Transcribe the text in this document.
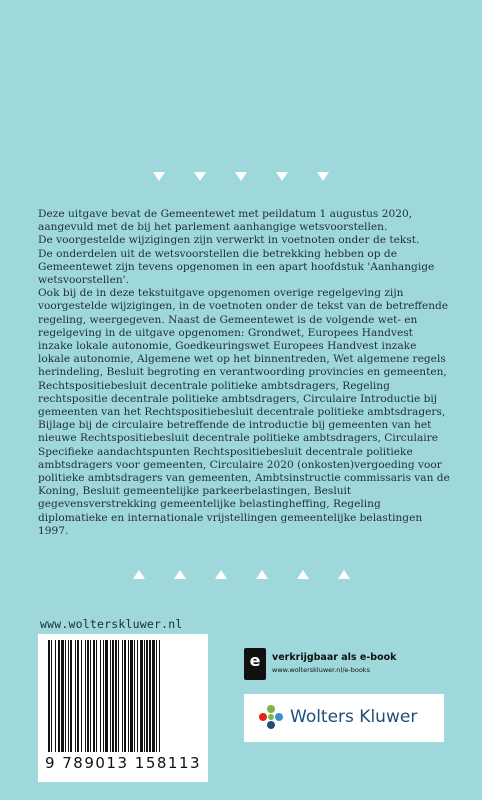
Deze uitgave bevat de Gemeentewet met peildatum 1 augustus 2020, aangevuld met de bij het parlement aanhangige wetsvoorstellen.

De voorgestelde wijzigingen zijn verwerkt in voetnoten onder de tekst.

De onderdelen uit de wetsvoorstellen die betrekking hebben op de Gemeentewet zijn tevens opgenomen in een apart hoofdstuk 'Aanhangige wetsvoorstellen'.

Ook bij de in deze tekstuitgave opgenomen overige regelgeving zijn voorgestelde wijzigingen, in de voetnoten onder de tekst van de betreffende regeling, weergegeven. Naast de Gemeentewet is de volgende wet- en regelgeving in de uitgave opgenomen: Grondwet, Europees Handvest inzake lokale autonomie, Goedkeuringswet Europees Handvest inzake lokale autonomie, Algemene wet op het binnentreden, Wet algemene regels herindeling, Besluit begroting en verantwoording provincies en gemeenten, Rechtspositiebesluit decentrale politieke ambtsdragers, Regeling rechtspositie decentrale politieke ambtsdragers, Circulaire Introductie bij gemeenten van het Rechtspositiebesluit decentrale politieke ambtsdragers, Bijlage bij de circulaire betreffende de introductie bij gemeenten van het nieuwe Rechtspositiebesluit decentrale politieke ambtsdragers, Circulaire Specifieke aandachtspunten Rechtspositiebesluit decentrale politieke ambtsdragers voor gemeenten, Circulaire 2020 (onkosten)vergoeding voor politieke ambtsdragers van gemeenten, Ambtsinstructie commissaris van de Koning, Besluit gemeentelijke parkeerbelastingen, Besluit gegevensverstrekking gemeentelijke belastingheffing, Regeling diplomatieke en internationale vrijstellingen gemeentelijke belastingen 1997.

www.wolterskluwer.nl
9 789013 158113
e	verkrijgbaar als e-book
www.wolterskluwer.nl/e-books
Wolters Kluwer
